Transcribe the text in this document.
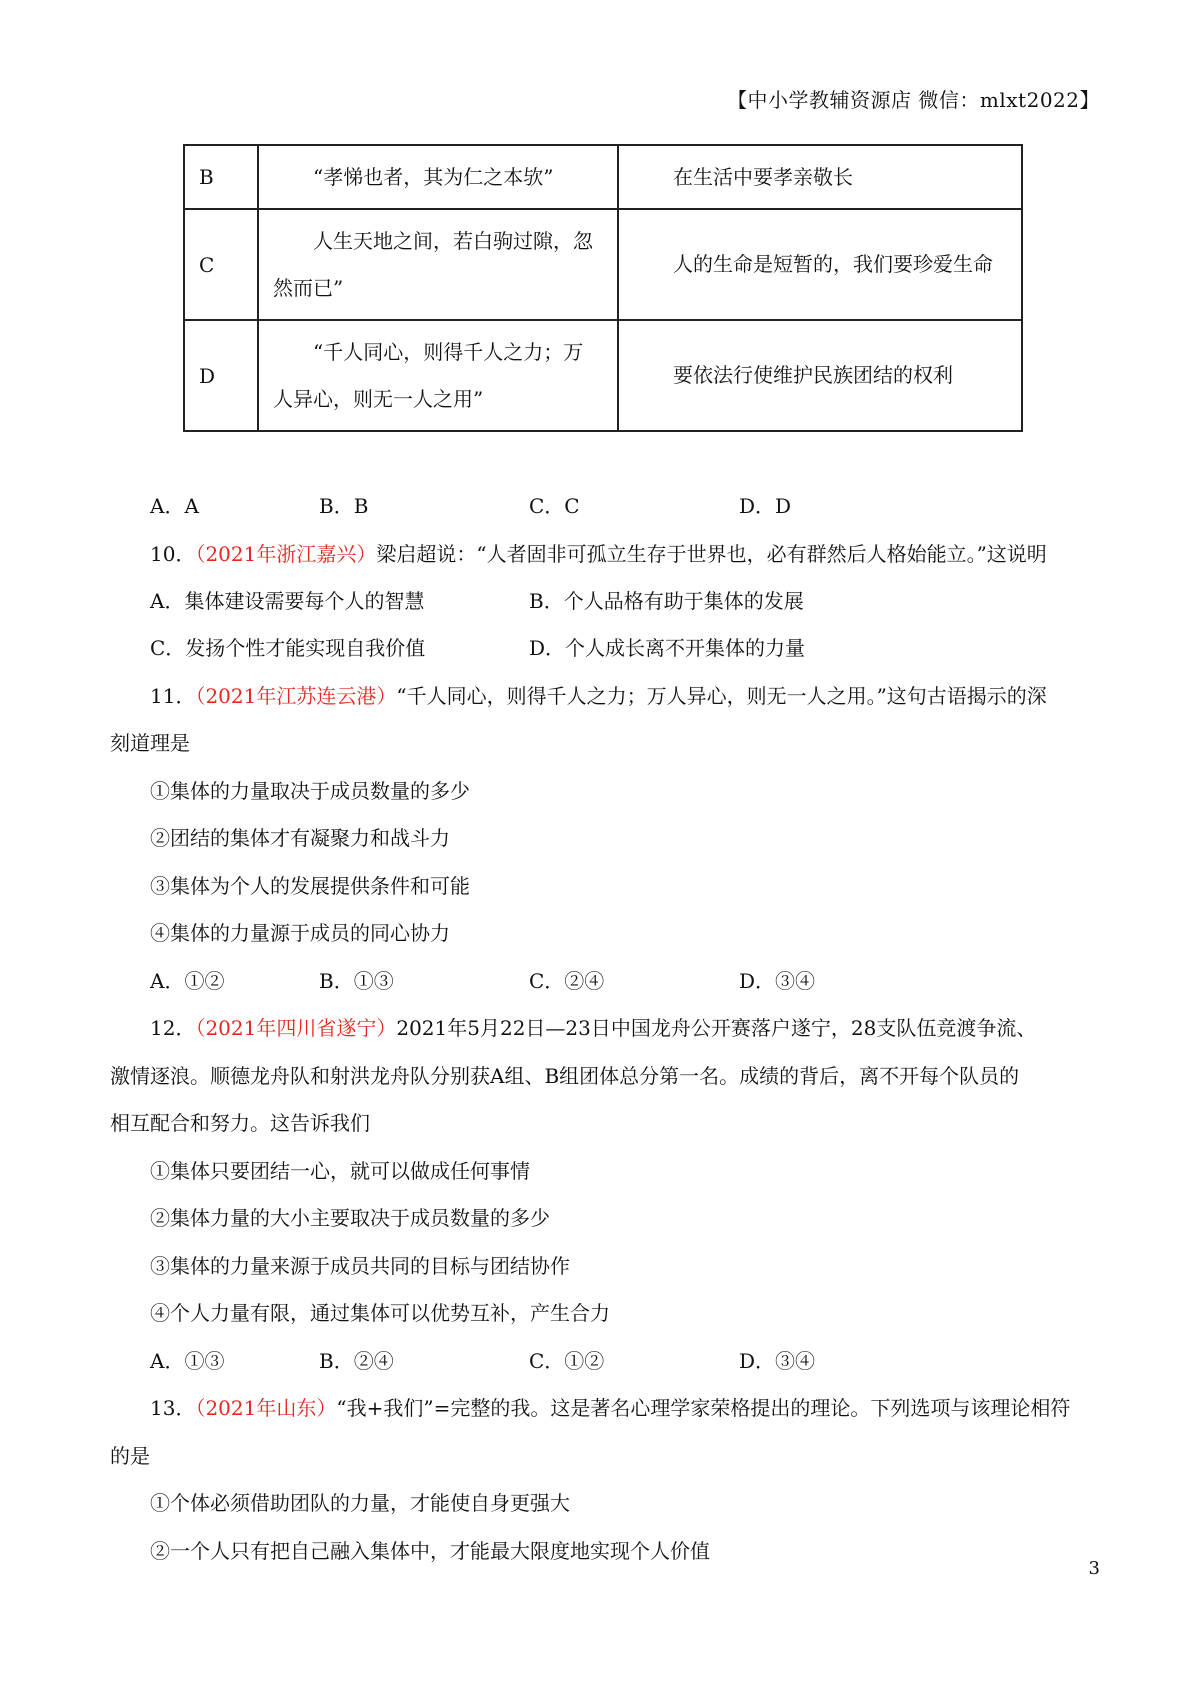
【中小学教辅资源店 微信：mlxt2022】
B	“孝悌也者，其为仁之本欤”	在生活中要孝亲敬长
C	人生天地之间，若白驹过隙，忽然而已”	人的生命是短暂的，我们要珍爱生命
D	“千人同心，则得千人之力；万人异心，则无一人之用”	要依法行使维护民族团结的权利
A．A	B．B	C．C	D．D
10．（2021年浙江嘉兴）梁启超说：“人者固非可孤立生存于世界也，必有群然后人格始能立。”这说明
A．集体建设需要每个人的智慧	B．个人品格有助于集体的发展
C．发扬个性才能实现自我价值	D．个人成长离不开集体的力量
11．（2021年江苏连云港）“千人同心，则得千人之力；万人异心，则无一人之用。”这句古语揭示的深
刻道理是
①集体的力量取决于成员数量的多少
②团结的集体才有凝聚力和战斗力
③集体为个人的发展提供条件和可能
④集体的力量源于成员的同心协力
A．①②	B．①③	C．②④	D．③④
12．（2021年四川省遂宁）2021年5月22日—23日中国龙舟公开赛落户遂宁，28支队伍竞渡争流、
激情逐浪。顺德龙舟队和射洪龙舟队分别获A组、B组团体总分第一名。成绩的背后，离不开每个队员的
相互配合和努力。这告诉我们
①集体只要团结一心，就可以做成任何事情
②集体力量的大小主要取决于成员数量的多少
③集体的力量来源于成员共同的目标与团结协作
④个人力量有限，通过集体可以优势互补，产生合力
A．①③	B．②④	C．①②	D．③④
13．（2021年山东）“我+我们”=完整的我。这是著名心理学家荣格提出的理论。下列选项与该理论相符
的是
①个体必须借助团队的力量，才能使自身更强大
②一个人只有把自己融入集体中，才能最大限度地实现个人价值
3
